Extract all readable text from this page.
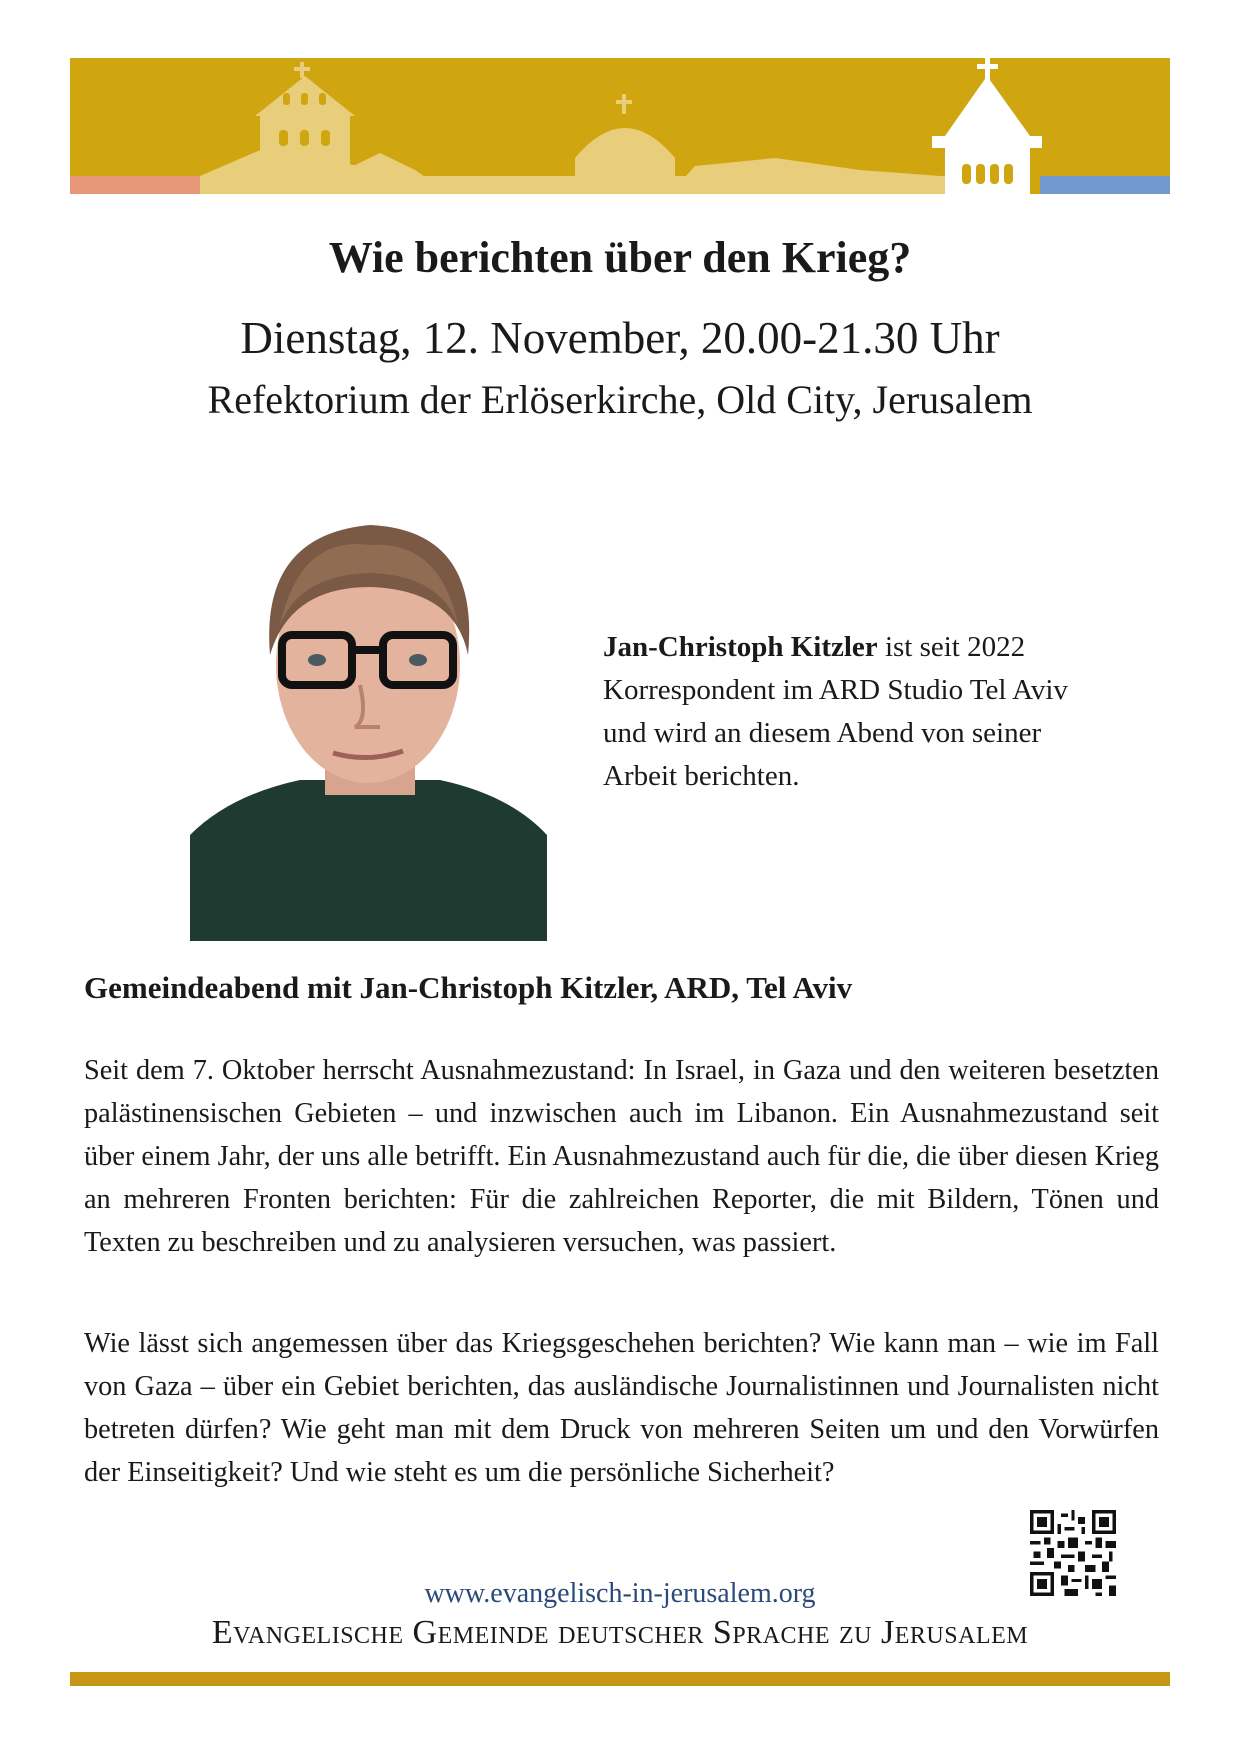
Wie berichten über den Krieg?
Dienstag, 12. November, 20.00-21.30 Uhr
Refektorium der Erlöserkirche, Old City, Jerusalem
Jan-Christoph Kitzler ist seit 2022 Korrespondent im ARD Studio Tel Aviv und wird an diesem Abend von seiner Arbeit berichten.
Gemeindeabend mit Jan-Christoph Kitzler, ARD, Tel Aviv

Seit dem 7. Oktober herrscht Ausnahmezustand: In Israel, in Gaza und den weiteren besetzten palästinensischen Gebieten – und inzwischen auch im Libanon. Ein Ausnahmezustand seit über einem Jahr, der uns alle betrifft. Ein Ausnahmezustand auch für die, die über diesen Krieg an mehreren Fronten berichten: Für die zahlreichen Reporter, die mit Bildern, Tönen und Texten zu beschreiben und zu analysieren versuchen, was passiert.

Wie lässt sich angemessen über das Kriegsgeschehen berichten? Wie kann man – wie im Fall von Gaza – über ein Gebiet berichten, das ausländische Journalistinnen und Journalisten nicht betreten dürfen? Wie geht man mit dem Druck von mehreren Seiten um und den Vorwürfen der Einseitigkeit? Und wie steht es um die persönliche Sicherheit?

www.evangelisch-in-jerusalem.org
Evangelische Gemeinde deutscher Sprache zu Jerusalem
